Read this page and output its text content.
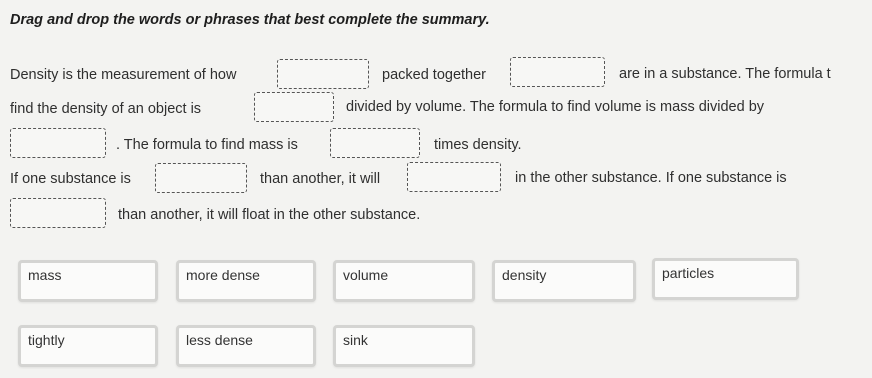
Drag and drop the words or phrases that best complete the summary.
Density is the measurement of how	packed together	are in a substance. The formula t
find the density of an object is	divided by volume. The formula to find volume is mass divided by
. The formula to find mass is	times density.
If one substance is	than another, it will	in the other substance. If one substance is
than another, it will float in the other substance.
mass	more dense	volume	density	particles
tightly	less dense	sink
